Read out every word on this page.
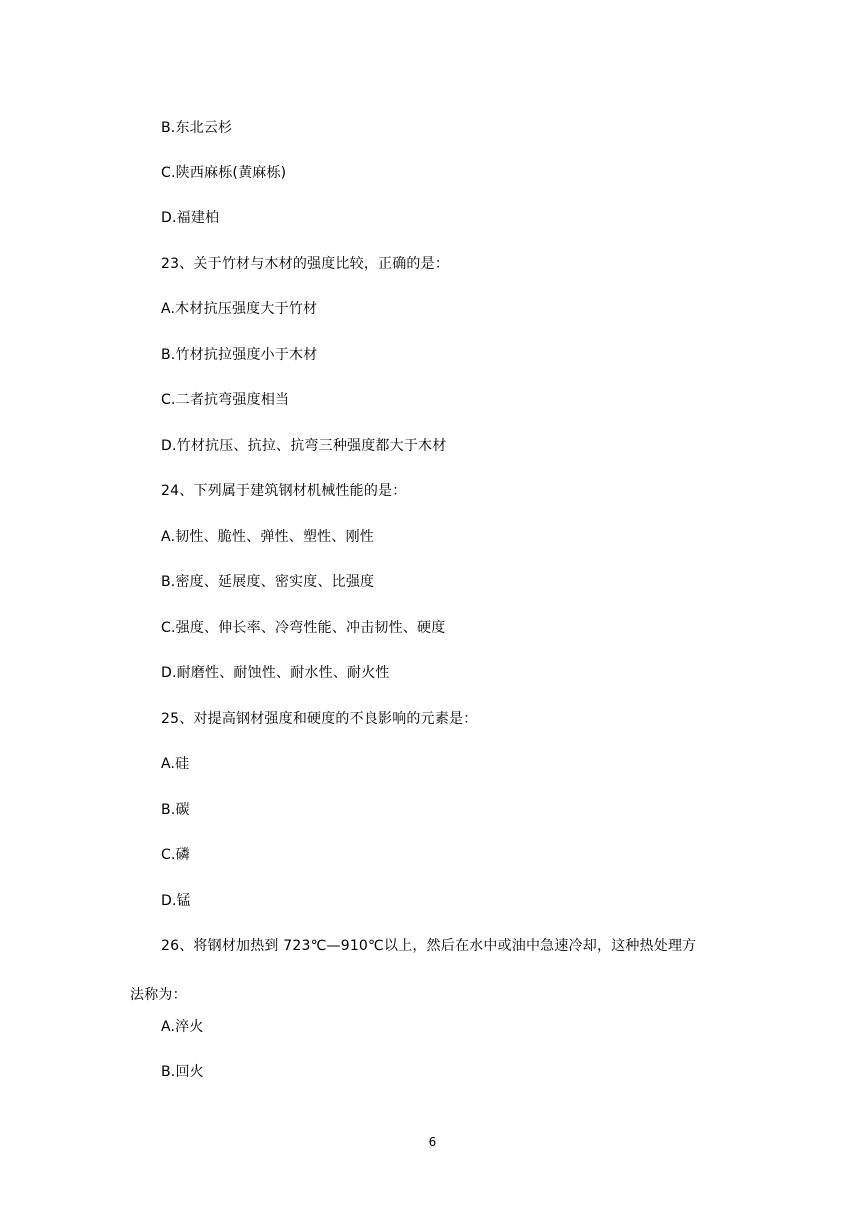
B.东北云杉
C.陕西麻栎(黄麻栎)
D.福建柏
23、关于竹材与木材的强度比较，正确的是：
A.木材抗压强度大于竹材
B.竹材抗拉强度小于木材
C.二者抗弯强度相当
D.竹材抗压、抗拉、抗弯三种强度都大于木材
24、下列属于建筑钢材机械性能的是：
A.韧性、脆性、弹性、塑性、刚性
B.密度、延展度、密实度、比强度
C.强度、伸长率、冷弯性能、冲击韧性、硬度
D.耐磨性、耐蚀性、耐水性、耐火性
25、对提高钢材强度和硬度的不良影响的元素是：
A.硅
B.碳
C.磷
D.锰
26、将钢材加热到 723℃—910℃以上，然后在水中或油中急速冷却，这种热处理方
法称为：
A.淬火
B.回火
6
